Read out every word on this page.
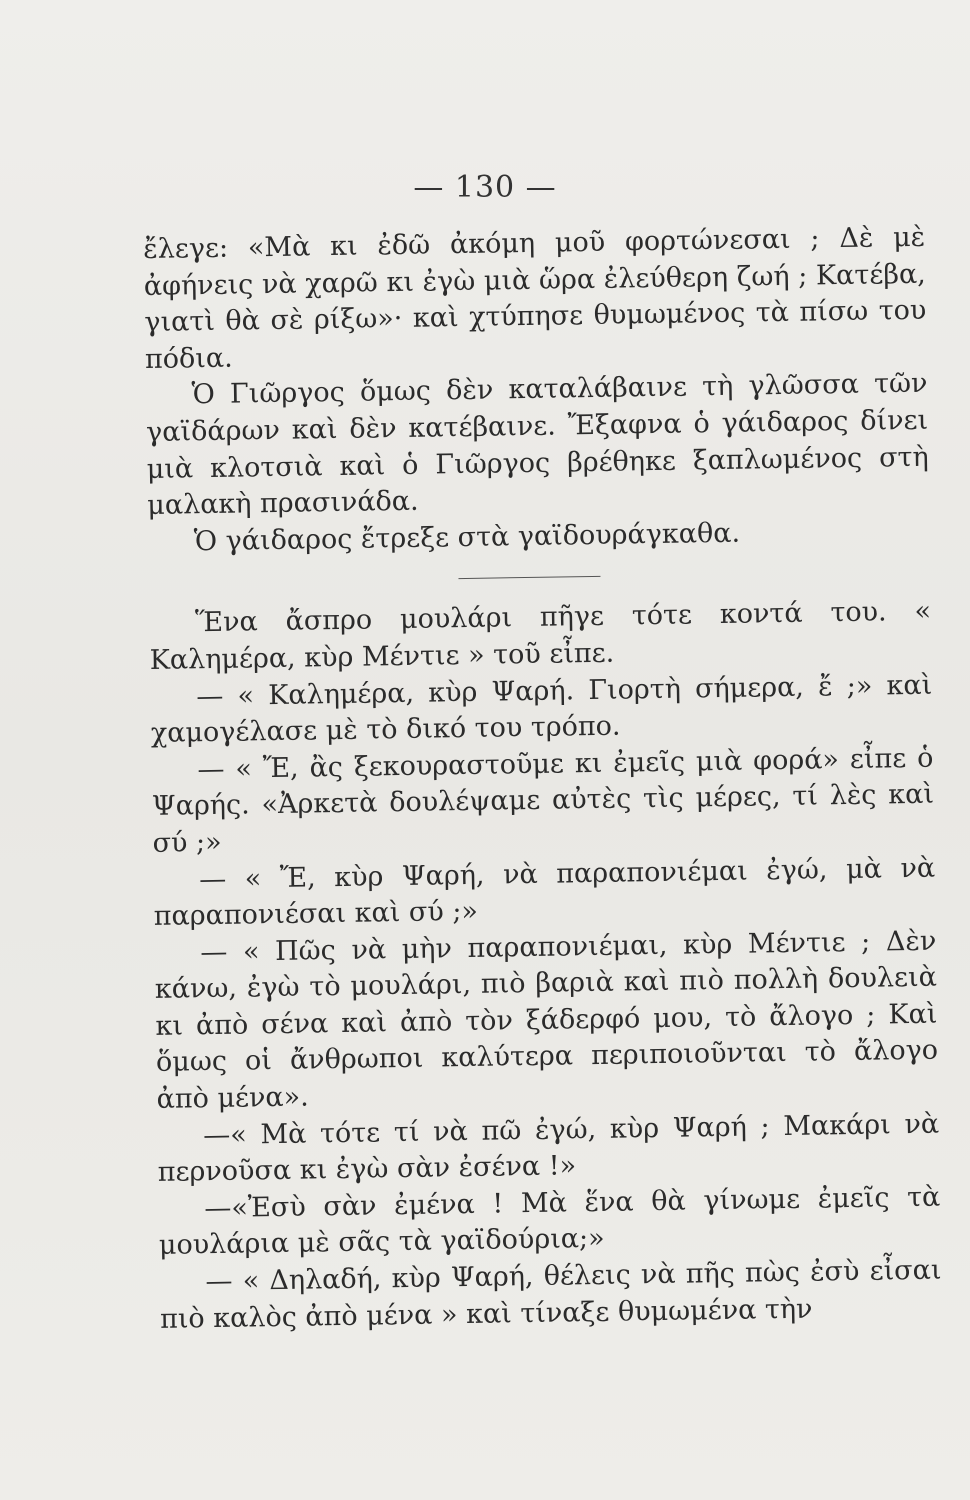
— 130 —

ἔλεγε: «Μὰ κι ἐδῶ ἀκόμη μοῦ φορτώνεσαι ; Δὲ μὲ ἀφήνεις νὰ χαρῶ κι ἐγὼ μιὰ ὥρα ἐλεύθερη ζωή ; Κατέβα, γιατὶ θὰ σὲ ρίξω»· καὶ χτύπησε θυμωμένος τὰ πίσω του πόδια.

Ὁ Γιῶργος ὅμως δὲν καταλάβαινε τὴ γλῶσσα τῶν γαϊδάρων καὶ δὲν κατέβαινε. Ἔξαφνα ὁ γάιδαρος δίνει μιὰ κλοτσιὰ καὶ ὁ Γιῶργος βρέθηκε ξαπλωμένος στὴ μαλακὴ πρασινάδα.

Ὁ γάιδαρος ἔτρεξε στὰ γαϊδουράγκαθα.

Ἕνα ἄσπρο μουλάρι πῆγε τότε κοντά του. « Καλημέρα, κὺρ Μέντιε » τοῦ εἶπε.

— « Καλημέρα, κὺρ Ψαρή. Γιορτὴ σήμερα, ἔ ;» καὶ χαμογέλασε μὲ τὸ δικό του τρόπο.

— « Ἔ, ἂς ξεκουραστοῦμε κι ἐμεῖς μιὰ φορά» εἶπε ὁ Ψαρής. «Ἀρκετὰ δουλέψαμε αὐτὲς τὶς μέρες, τί λὲς καὶ σύ ;»

— « Ἔ, κὺρ Ψαρή, νὰ παραπονιέμαι ἐγώ, μὰ νὰ παραπονιέσαι καὶ σύ ;»

— « Πῶς νὰ μὴν παραπονιέμαι, κὺρ Μέντιε ; Δὲν κάνω, ἐγὼ τὸ μουλάρι, πιὸ βαριὰ καὶ πιὸ πολλὴ δουλειὰ κι ἀπὸ σένα καὶ ἀπὸ τὸν ξάδερφό μου, τὸ ἄλογο ; Καὶ ὅμως οἱ ἄνθρωποι καλύτερα περιποιοῦνται τὸ ἄλογο ἀπὸ μένα».

—« Μὰ τότε τί νὰ πῶ ἐγώ, κὺρ Ψαρή ; Μακάρι νὰ περνοῦσα κι ἐγὼ σὰν ἐσένα !»

—«Ἐσὺ σὰν ἐμένα ! Μὰ ἕνα θὰ γίνωμε ἐμεῖς τὰ μουλάρια μὲ σᾶς τὰ γαϊδούρια;»

— « Δηλαδή, κὺρ Ψαρή, θέλεις νὰ πῆς πὼς ἐσὺ εἶσαι πιὸ καλὸς ἀπὸ μένα » καὶ τίναξε θυμωμένα τὴν
